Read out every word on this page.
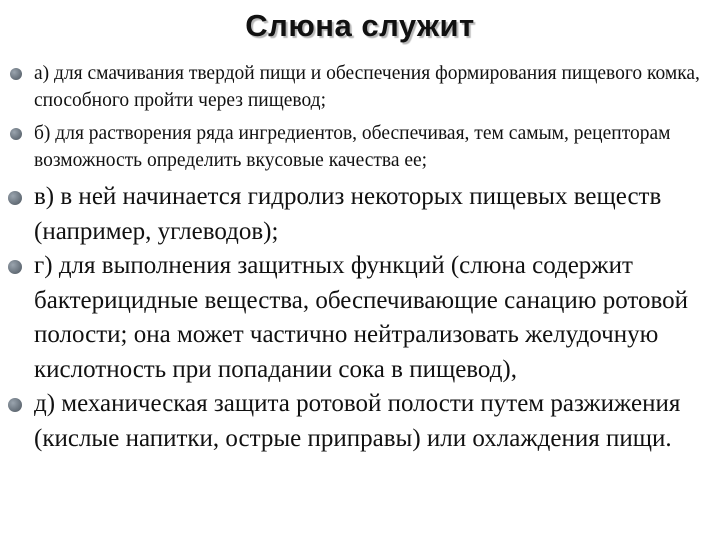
Слюна служит
а) для смачивания твердой пищи и обеспечения формирования пищевого комка, способного пройти через пищевод;
б) для растворения ряда ингредиентов, обеспечивая, тем самым, рецепторам возможность определить вкусовые качества ее;
в) в ней начинается гидролиз некоторых пищевых веществ (например, углеводов);
г) для выполнения защитных функций (слюна содержит бактерицидные вещества, обеспечивающие санацию ротовой полости; она может частично нейтрализовать желудочную кислотность при попадании сока в пищевод),
д) механическая защита ротовой полости путем разжижения (кислые напитки, острые приправы) или охлаждения пищи.
